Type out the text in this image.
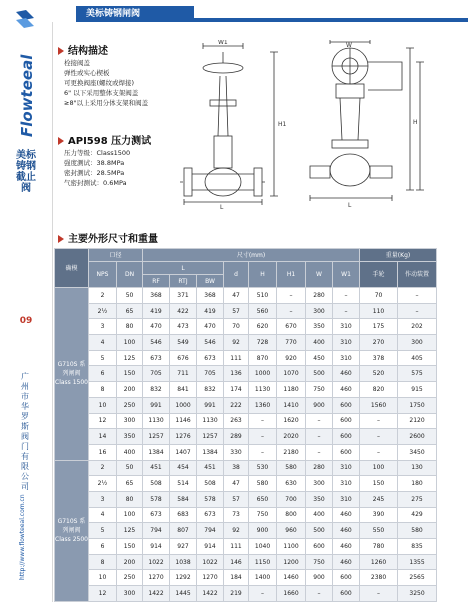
Flowteeal
美标铸钢截止阀
09
广州市华罗斯阀门有限公司
http://www.flowteeal.com.cn
美标铸钢闸阀
结构描述
栓接阀盖
弹性或实心楔板
可更换阀座(螺纹或焊接)
6" 以下采用整体支架阀盖
≥8"以上采用分体支架和阀盖
API598 压力测试
压力等级：Class1500
强度测试：38.8MPa
密封测试：28.5MPa
气密封测试：0.6MPa
H1	H
W1	W
L	L
主要外形尺寸和重量
确模	口径		尺寸(mm)								重量(Kg)	
	NPS	DN	L			d	H	H1	W	W1	手轮	作动装置
			RF	RTJ	BW							
G710S 系列闸阀 Class 1500	2	50	368	371	368	47	510	–	280	–	70	–
	2½	65	419	422	419	57	560	–	300	–	110	–
	3	80	470	473	470	70	620	670	350	310	175	202
	4	100	546	549	546	92	728	770	400	310	270	300
	5	125	673	676	673	111	870	920	450	310	378	405
	6	150	705	711	705	136	1000	1070	500	460	520	575
	8	200	832	841	832	174	1130	1180	750	460	820	915
	10	250	991	1000	991	222	1360	1410	900	600	1560	1750
	12	300	1130	1146	1130	263	–	1620	–	600	–	2120
	14	350	1257	1276	1257	289	–	2020	–	600	–	2600
	16	400	1384	1407	1384	330	–	2180	–	600	–	3450
G710S 系列闸阀 Class 2500	2	50	451	454	451	38	530	580	280	310	100	130
	2½	65	508	514	508	47	580	630	300	310	150	180
	3	80	578	584	578	57	650	700	350	310	245	275
	4	100	673	683	673	73	750	800	400	460	390	429
	5	125	794	807	794	92	900	960	500	460	550	580
	6	150	914	927	914	111	1040	1100	600	460	780	835
	8	200	1022	1038	1022	146	1150	1200	750	460	1260	1355
	10	250	1270	1292	1270	184	1400	1460	900	600	2380	2565
	12	300	1422	1445	1422	219	–	1660	–	600	–	3250
